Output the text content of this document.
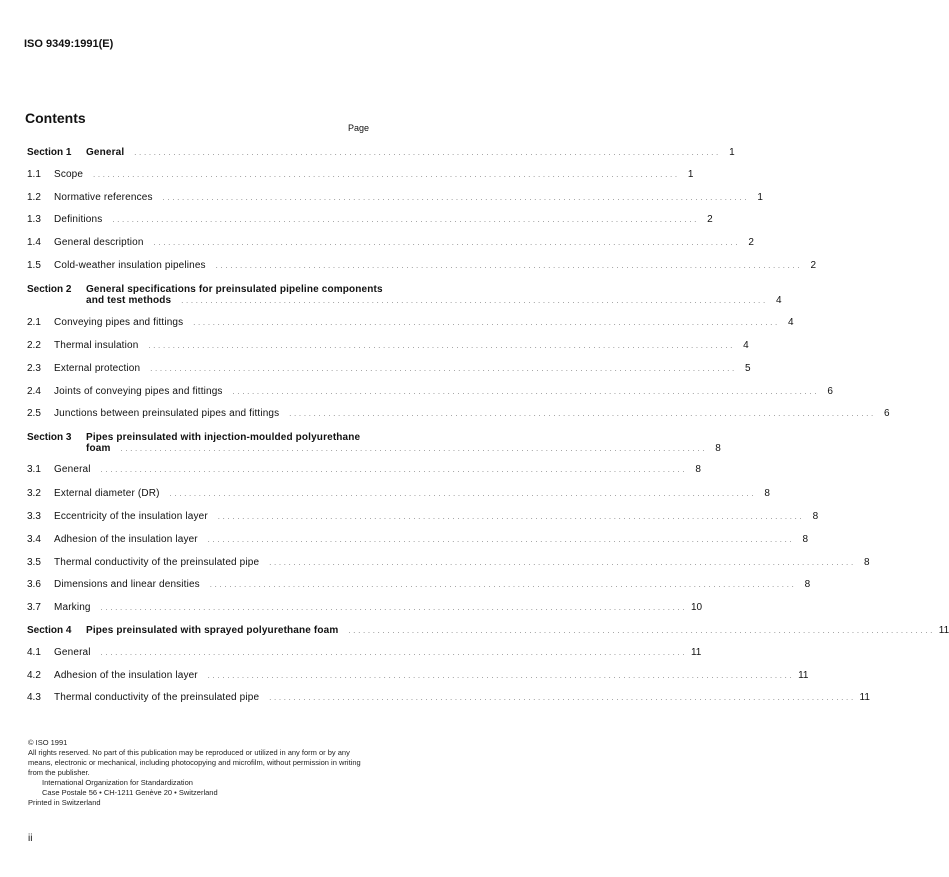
ISO 9349:1991(E)
Contents
Page
Section 1	General . . . . . . . . . . . . . . . . . . . . . . . . . . . . . . . . . . . . . . . . . . . . . . . . . . . . . . . . . . . . . . . . . . . . . . . . . . . . . . . . . . . . . . . . . . . . . . . . . . . . . . . . . . . . . . . . . . . . . . . .	1
1.1	Scope . . . . . . . . . . . . . . . . . . . . . . . . . . . . . . . . . . . . . . . . . . . . . . . . . . . . . . . . . . . . . . . . . . . . . . . . . . . . . . . . . . . . . . . . . . . . . . . . . . . . . . . . . . . . . . . . . . . . . . . .	1
1.2	Normative references . . . . . . . . . . . . . . . . . . . . . . . . . . . . . . . . . . . . . . . . . . . . . . . . . . . . . . . . . . . . . . . . . . . . . . . . . . . . . . . . . . . . . . . . . . . . . . . . . . . . . . . . . . . . . . . . . . . . . . . .	1
1.3	Definitions . . . . . . . . . . . . . . . . . . . . . . . . . . . . . . . . . . . . . . . . . . . . . . . . . . . . . . . . . . . . . . . . . . . . . . . . . . . . . . . . . . . . . . . . . . . . . . . . . . . . . . . . . . . . . . . . . . . . . . . .	2
1.4	General description . . . . . . . . . . . . . . . . . . . . . . . . . . . . . . . . . . . . . . . . . . . . . . . . . . . . . . . . . . . . . . . . . . . . . . . . . . . . . . . . . . . . . . . . . . . . . . . . . . . . . . . . . . . . . . . . . . . . . . . .	2
1.5	Cold-weather insulation pipelines . . . . . . . . . . . . . . . . . . . . . . . . . . . . . . . . . . . . . . . . . . . . . . . . . . . . . . . . . . . . . . . . . . . . . . . . . . . . . . . . . . . . . . . . . . . . . . . . . . . . . . . . . . . . . . . . . . . . . . . .	2
Section 2	General specifications for preinsulated pipeline components
and test methods . . . . . . . . . . . . . . . . . . . . . . . . . . . . . . . . . . . . . . . . . . . . . . . . . . . . . . . . . . . . . . . . . . . . . . . . . . . . . . . . . . . . . . . . . . . . . . . . . . . . . . . . . . . . . . . . . . . . . . . .	4
2.1	Conveying pipes and fittings . . . . . . . . . . . . . . . . . . . . . . . . . . . . . . . . . . . . . . . . . . . . . . . . . . . . . . . . . . . . . . . . . . . . . . . . . . . . . . . . . . . . . . . . . . . . . . . . . . . . . . . . . . . . . . . . . . . . . . . .	4
2.2	Thermal insulation . . . . . . . . . . . . . . . . . . . . . . . . . . . . . . . . . . . . . . . . . . . . . . . . . . . . . . . . . . . . . . . . . . . . . . . . . . . . . . . . . . . . . . . . . . . . . . . . . . . . . . . . . . . . . . . . . . . . . . . .	4
2.3	External protection . . . . . . . . . . . . . . . . . . . . . . . . . . . . . . . . . . . . . . . . . . . . . . . . . . . . . . . . . . . . . . . . . . . . . . . . . . . . . . . . . . . . . . . . . . . . . . . . . . . . . . . . . . . . . . . . . . . . . . . .	5
2.4	Joints of conveying pipes and fittings . . . . . . . . . . . . . . . . . . . . . . . . . . . . . . . . . . . . . . . . . . . . . . . . . . . . . . . . . . . . . . . . . . . . . . . . . . . . . . . . . . . . . . . . . . . . . . . . . . . . . . . . . . . . . . . . . . . . . . . .	6
2.5	Junctions between preinsulated pipes and fittings . . . . . . . . . . . . . . . . . . . . . . . . . . . . . . . . . . . . . . . . . . . . . . . . . . . . . . . . . . . . . . . . . . . . . . . . . . . . . . . . . . . . . . . . . . . . . . . . . . . . . . . . . . . . . . . . . . . . . . . .	6
Section 3	Pipes preinsulated with injection-moulded polyurethane
foam . . . . . . . . . . . . . . . . . . . . . . . . . . . . . . . . . . . . . . . . . . . . . . . . . . . . . . . . . . . . . . . . . . . . . . . . . . . . . . . . . . . . . . . . . . . . . . . . . . . . . . . . . . . . . . . . . . . . . . . .	8
3.1	General . . . . . . . . . . . . . . . . . . . . . . . . . . . . . . . . . . . . . . . . . . . . . . . . . . . . . . . . . . . . . . . . . . . . . . . . . . . . . . . . . . . . . . . . . . . . . . . . . . . . . . . . . . . . . . . . . . . . . . . .	8
3.2	External diameter (DR) . . . . . . . . . . . . . . . . . . . . . . . . . . . . . . . . . . . . . . . . . . . . . . . . . . . . . . . . . . . . . . . . . . . . . . . . . . . . . . . . . . . . . . . . . . . . . . . . . . . . . . . . . . . . . . . . . . . . . . . .	8
3.3	Eccentricity of the insulation layer . . . . . . . . . . . . . . . . . . . . . . . . . . . . . . . . . . . . . . . . . . . . . . . . . . . . . . . . . . . . . . . . . . . . . . . . . . . . . . . . . . . . . . . . . . . . . . . . . . . . . . . . . . . . . . . . . . . . . . . .	8
3.4	Adhesion of the insulation layer . . . . . . . . . . . . . . . . . . . . . . . . . . . . . . . . . . . . . . . . . . . . . . . . . . . . . . . . . . . . . . . . . . . . . . . . . . . . . . . . . . . . . . . . . . . . . . . . . . . . . . . . . . . . . . . . . . . . . . . .	8
3.5	Thermal conductivity of the preinsulated pipe . . . . . . . . . . . . . . . . . . . . . . . . . . . . . . . . . . . . . . . . . . . . . . . . . . . . . . . . . . . . . . . . . . . . . . . . . . . . . . . . . . . . . . . . . . . . . . . . . . . . . . . . . . . . . . . . . . . . . . . .	8
3.6	Dimensions and linear densities . . . . . . . . . . . . . . . . . . . . . . . . . . . . . . . . . . . . . . . . . . . . . . . . . . . . . . . . . . . . . . . . . . . . . . . . . . . . . . . . . . . . . . . . . . . . . . . . . . . . . . . . . . . . . . . . . . . . . . . .	8
3.7	Marking . . . . . . . . . . . . . . . . . . . . . . . . . . . . . . . . . . . . . . . . . . . . . . . . . . . . . . . . . . . . . . . . . . . . . . . . . . . . . . . . . . . . . . . . . . . . . . . . . . . . . . . . . . . . . . . . . . . . . . . . 10
Section 4	Pipes preinsulated with sprayed polyurethane foam . . . . . . . . . . . . . . . . . . . . . . . . . . . . . . . . . . . . . . . . . . . . . . . . . . . . . . . . . . . . . . . . . . . . . . . . . . . . . . . . . . . . . . . . . . . . . . . . . . . . . . . . . . . . . . . . . . . . . . . . 11
4.1	General . . . . . . . . . . . . . . . . . . . . . . . . . . . . . . . . . . . . . . . . . . . . . . . . . . . . . . . . . . . . . . . . . . . . . . . . . . . . . . . . . . . . . . . . . . . . . . . . . . . . . . . . . . . . . . . . . . . . . . . . 11
4.2	Adhesion of the insulation layer . . . . . . . . . . . . . . . . . . . . . . . . . . . . . . . . . . . . . . . . . . . . . . . . . . . . . . . . . . . . . . . . . . . . . . . . . . . . . . . . . . . . . . . . . . . . . . . . . . . . . . . . . . . . . . . . . . . . . . . . 11
4.3	Thermal conductivity of the preinsulated pipe . . . . . . . . . . . . . . . . . . . . . . . . . . . . . . . . . . . . . . . . . . . . . . . . . . . . . . . . . . . . . . . . . . . . . . . . . . . . . . . . . . . . . . . . . . . . . . . . . . . . . . . . . . . . . . . . . . . . . . . . 11
© ISO 1991
All rights reserved. No part of this publication may be reproduced or utilized in any form or by any means, electronic or mechanical, including photocopying and microfilm, without permission in writing from the publisher.
International Organization for Standardization
Case Postale 56 • CH-1211 Genève 20 • Switzerland
Printed in Switzerland
ii
